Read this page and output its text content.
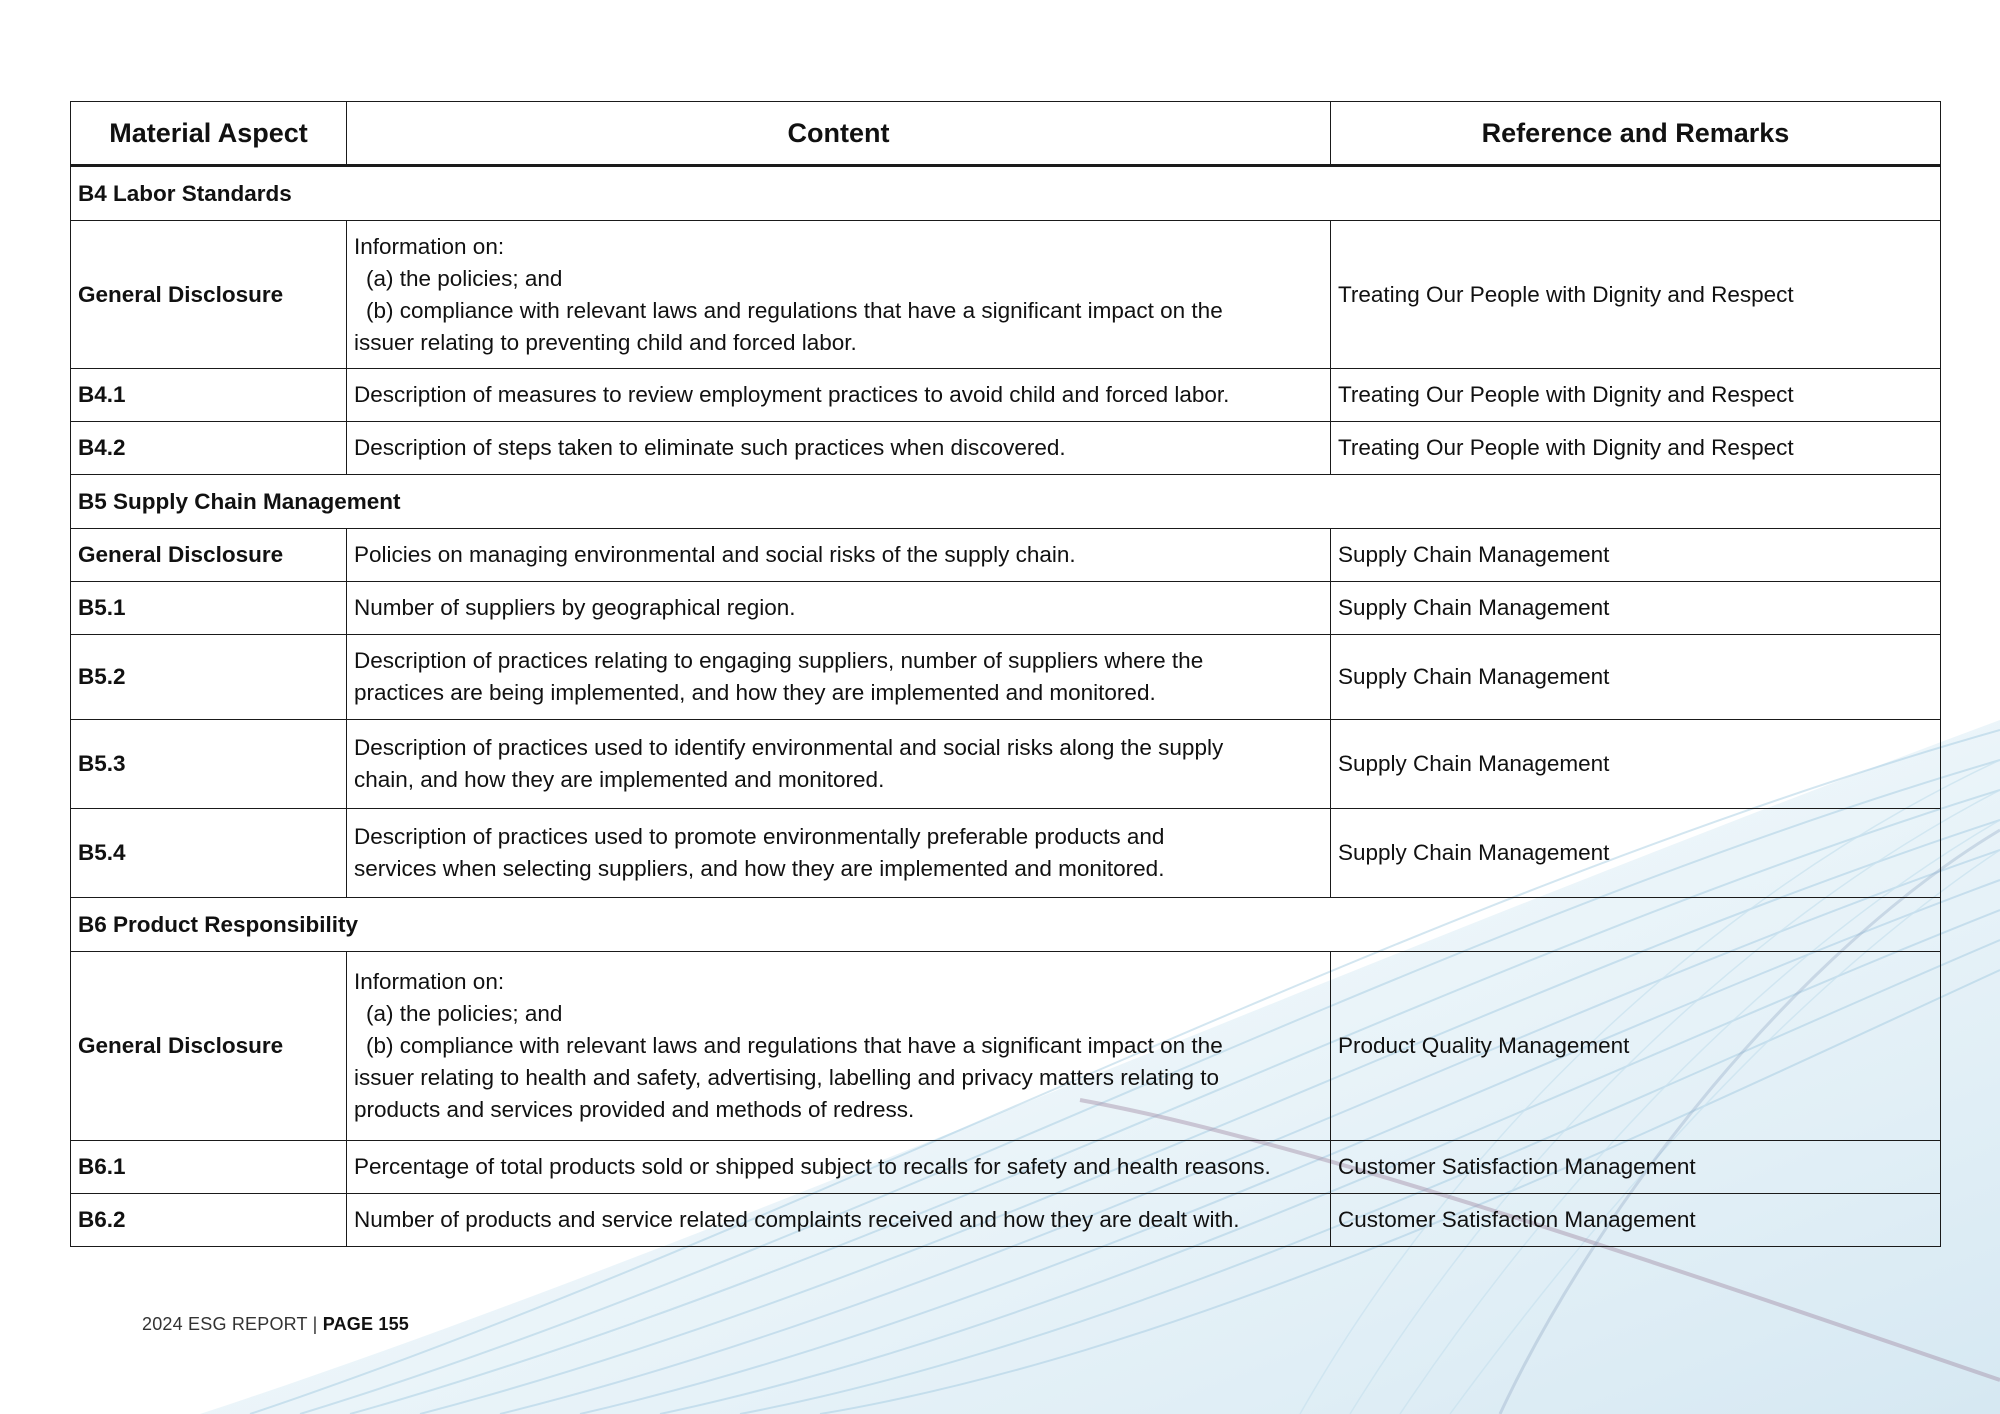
Material Aspect	Content	Reference and Remarks
B4 Labor Standards		
General Disclosure	Information on:
(a) the policies; and
(b) compliance with relevant laws and regulations that have a significant impact on the
issuer relating to preventing child and forced labor.	Treating Our People with Dignity and Respect
B4.1	Description of measures to review employment practices to avoid child and forced labor.	Treating Our People with Dignity and Respect
B4.2	Description of steps taken to eliminate such practices when discovered.	Treating Our People with Dignity and Respect
B5 Supply Chain Management		
General Disclosure	Policies on managing environmental and social risks of the supply chain.	Supply Chain Management
B5.1	Number of suppliers by geographical region.	Supply Chain Management
B5.2	Description of practices relating to engaging suppliers, number of suppliers where the
practices are being implemented, and how they are implemented and monitored.	Supply Chain Management
B5.3	Description of practices used to identify environmental and social risks along the supply
chain, and how they are implemented and monitored.	Supply Chain Management
B5.4	Description of practices used to promote environmentally preferable products and
services when selecting suppliers, and how they are implemented and monitored.	Supply Chain Management
B6 Product Responsibility		
General Disclosure	Information on:
(a) the policies; and
(b) compliance with relevant laws and regulations that have a significant impact on the
issuer relating to health and safety, advertising, labelling and privacy matters relating to
products and services provided and methods of redress.	Product Quality Management
B6.1	Percentage of total products sold or shipped subject to recalls for safety and health reasons.	Customer Satisfaction Management
B6.2	Number of products and service related complaints received and how they are dealt with.	Customer Satisfaction Management
2024 ESG REPORT | PAGE 155
